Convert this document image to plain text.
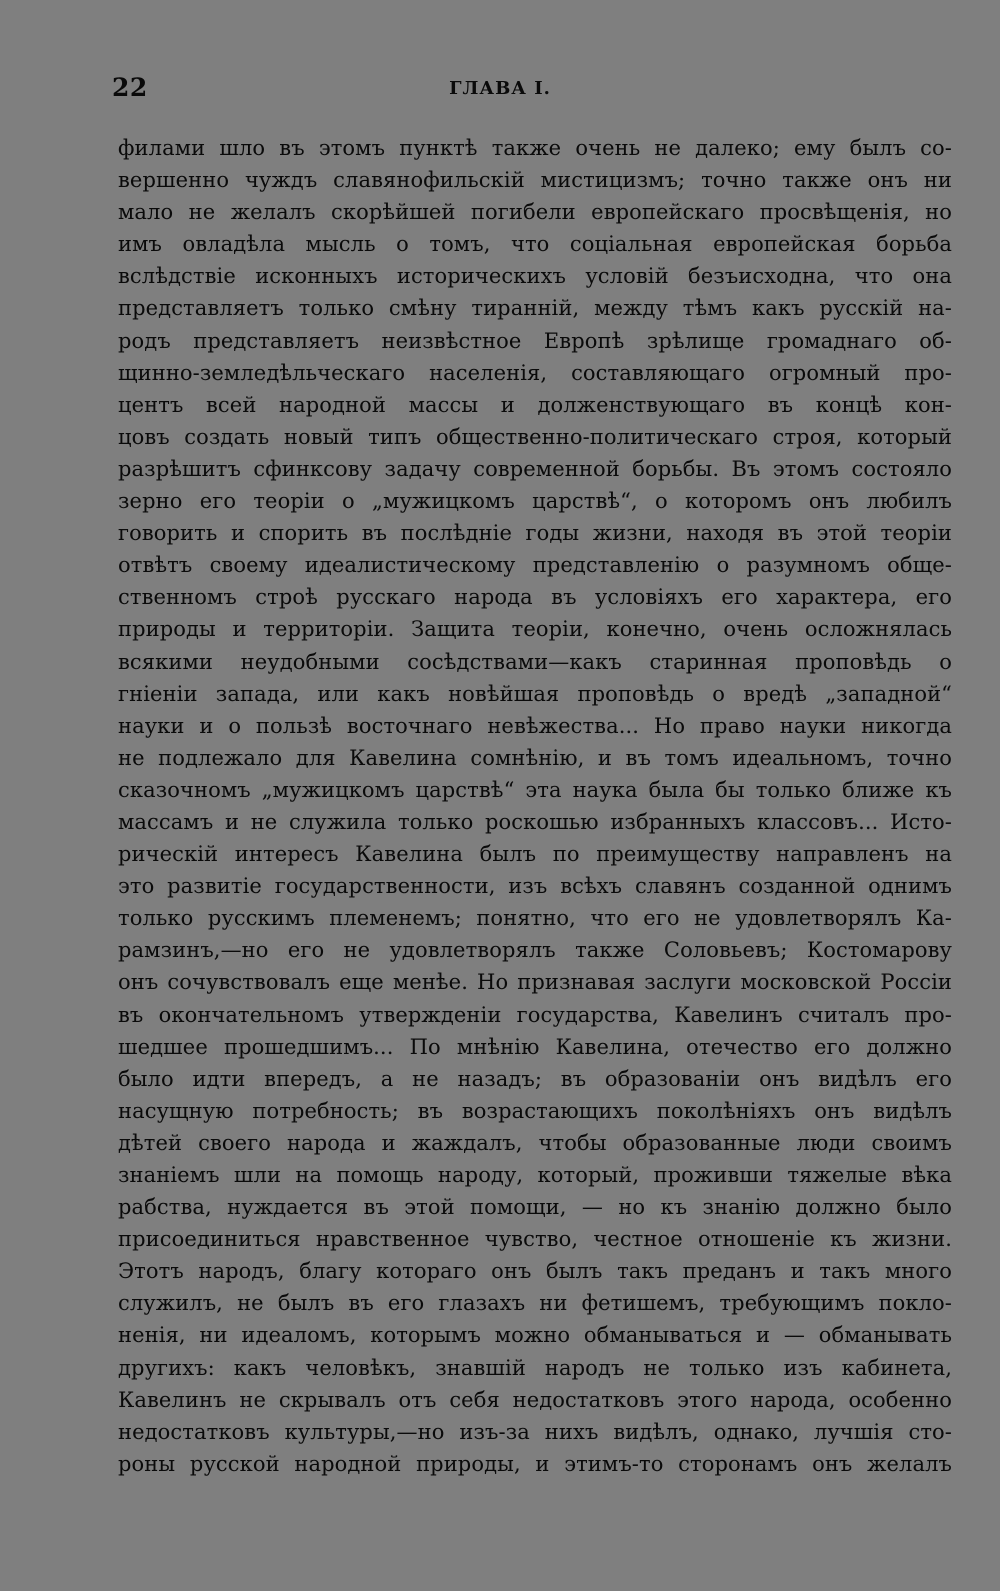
22	ГЛАВА I.
филами шло въ этомъ пунктѣ также очень не далеко; ему былъ со-
вершенно чуждъ славянофильскій мистицизмъ; точно также онъ ни
мало не желалъ скорѣйшей погибели европейскаго просвѣщенія, но
имъ овладѣла мысль о томъ, что соціальная европейская борьба
вслѣдствіе исконныхъ историческихъ условій безъисходна, что она
представляетъ только смѣну тиранній, между тѣмъ какъ русскій на-
родъ представляетъ неизвѣстное Европѣ зрѣлище громаднаго об-
щинно-земледѣльческаго населенія, составляющаго огромный про-
центъ всей народной массы и долженствующаго въ концѣ кон-
цовъ создать новый типъ общественно-политическаго строя, который
разрѣшитъ сфинксову задачу современной борьбы. Въ этомъ состояло
зерно его теоріи о „мужицкомъ царствѣ“, о которомъ онъ любилъ
говорить и спорить въ послѣдніе годы жизни, находя въ этой теоріи
отвѣтъ своему идеалистическому представленію о разумномъ обще-
ственномъ строѣ русскаго народа въ условіяхъ его характера, его
природы и территоріи. Защита теоріи, конечно, очень осложнялась
всякими неудобными сосѣдствами—какъ старинная проповѣдь о
гніеніи запада, или какъ новѣйшая проповѣдь о вредѣ „западной“
науки и о пользѣ восточнаго невѣжества... Но право науки никогда
не подлежало для Кавелина сомнѣнію, и въ томъ идеальномъ, точно
сказочномъ „мужицкомъ царствѣ“ эта наука была бы только ближе къ
массамъ и не служила только роскошью избранныхъ классовъ... Исто-
рическій интересъ Кавелина былъ по преимуществу направленъ на
это развитіе государственности, изъ всѣхъ славянъ созданной однимъ
только русскимъ племенемъ; понятно, что его не удовлетворялъ Ка-
рамзинъ,—но его не удовлетворялъ также Соловьевъ; Костомарову
онъ сочувствовалъ еще менѣе. Но признавая заслуги московской Россіи
въ окончательномъ утвержденіи государства, Кавелинъ считалъ про-
шедшее прошедшимъ... По мнѣнію Кавелина, отечество его должно
было идти впередъ, а не назадъ; въ образованіи онъ видѣлъ его
насущную потребность; въ возрастающихъ поколѣніяхъ онъ видѣлъ
дѣтей своего народа и жаждалъ, чтобы образованные люди своимъ
знаніемъ шли на помощь народу, который, проживши тяжелые вѣка
рабства, нуждается въ этой помощи, — но къ знанію должно было
присоединиться нравственное чувство, честное отношеніе къ жизни.
Этотъ народъ, благу котораго онъ былъ такъ преданъ и такъ много
служилъ, не былъ въ его глазахъ ни фетишемъ, требующимъ покло-
ненія, ни идеаломъ, которымъ можно обманываться и — обманывать
другихъ: какъ человѣкъ, знавшій народъ не только изъ кабинета,
Кавелинъ не скрывалъ отъ себя недостатковъ этого народа, особенно
недостатковъ культуры,—но изъ-за нихъ видѣлъ, однако, лучшія сто-
роны русской народной природы, и этимъ-то сторонамъ онъ желалъ
